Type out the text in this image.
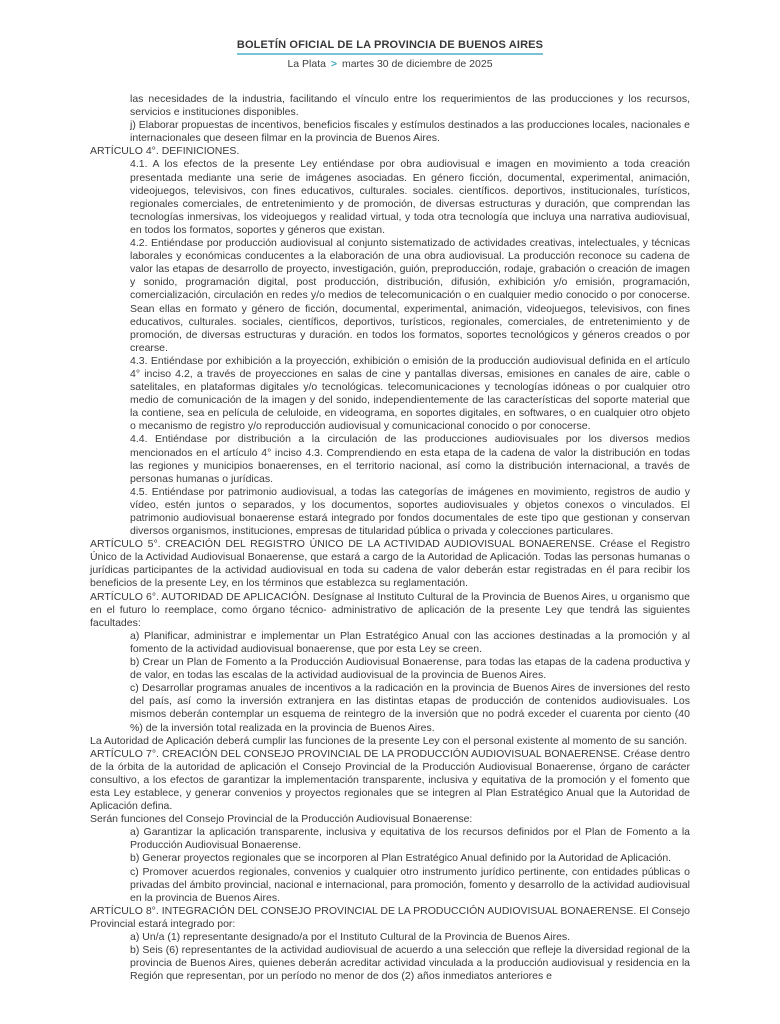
BOLETÍN OFICIAL DE LA PROVINCIA DE BUENOS AIRES
La Plata > martes 30 de diciembre de 2025

las necesidades de la industria, facilitando el vínculo entre los requerimientos de las producciones y los recursos, servicios e instituciones disponibles.

j) Elaborar propuestas de incentivos, beneficios fiscales y estímulos destinados a las producciones locales, nacionales e internacionales que deseen filmar en la provincia de Buenos Aires.

ARTÍCULO 4°. DEFINICIONES.

4.1. A los efectos de la presente Ley entiéndase por obra audiovisual e imagen en movimiento a toda creación presentada mediante una serie de imágenes asociadas. En género ficción, documental, experimental, animación, videojuegos, televisivos, con fines educativos, culturales. sociales. científicos. deportivos, institucionales, turísticos, regionales comerciales, de entretenimiento y de promoción, de diversas estructuras y duración, que comprendan las tecnologías inmersivas, los videojuegos y realidad virtual, y toda otra tecnología que incluya una narrativa audiovisual, en todos los formatos, soportes y géneros que existan.

4.2. Entiéndase por producción audiovisual al conjunto sistematizado de actividades creativas, intelectuales, y técnicas laborales y económicas conducentes a la elaboración de una obra audiovisual. La producción reconoce su cadena de valor las etapas de desarrollo de proyecto, investigación, guión, preproducción, rodaje, grabación o creación de imagen y sonido, programación digital, post producción, distribución, difusión, exhibición y/o emisión, programación, comercialización, circulación en redes y/o medios de telecomunicación o en cualquier medio conocido o por conocerse. Sean ellas en formato y género de ficción, documental, experimental, animación, videojuegos, televisivos, con fines educativos, culturales. sociales, científicos, deportivos, turísticos, regionales, comerciales, de entretenimiento y de promoción, de diversas estructuras y duración. en todos los formatos, soportes tecnológicos y géneros creados o por crearse.

4.3. Entiéndase por exhibición a la proyección, exhibición o emisión de la producción audiovisual definida en el artículo 4° inciso 4.2, a través de proyecciones en salas de cine y pantallas diversas, emisiones en canales de aire, cable o satelitales, en plataformas digitales y/o tecnológicas. telecomunicaciones y tecnologías idóneas o por cualquier otro medio de comunicación de la imagen y del sonido, independientemente de las características del soporte material que la contiene, sea en película de celuloide, en videograma, en soportes digitales, en softwares, o en cualquier otro objeto o mecanismo de registro y/o reproducción audiovisual y comunicacional conocido o por conocerse.

4.4. Entiéndase por distribución a la circulación de las producciones audiovisuales por los diversos medios mencionados en el artículo 4° inciso 4.3. Comprendiendo en esta etapa de la cadena de valor la distribución en todas las regiones y municipios bonaerenses, en el territorio nacional, así como la distribución internacional, a través de personas humanas o jurídicas.

4.5. Entiéndase por patrimonio audiovisual, a todas las categorías de imágenes en movimiento, registros de audio y vídeo, estén juntos o separados, y los documentos, soportes audiovisuales y objetos conexos o vinculados. El patrimonio audiovisual bonaerense estará integrado por fondos documentales de este tipo que gestionan y conservan diversos organismos, instituciones, empresas de titularidad pública o privada y colecciones particulares.

ARTÍCULO 5°. CREACIÓN DEL REGISTRO ÚNICO DE LA ACTIVIDAD AUDIOVISUAL BONAERENSE. Créase el Registro Único de la Actividad Audiovisual Bonaerense, que estará a cargo de la Autoridad de Aplicación. Todas las personas humanas o jurídicas participantes de la actividad audiovisual en toda su cadena de valor deberán estar registradas en él para recibir los beneficios de la presente Ley, en los términos que establezca su reglamentación.

ARTÍCULO 6°. AUTORIDAD DE APLICACIÓN. Desígnase al Instituto Cultural de la Provincia de Buenos Aires, u organismo que en el futuro lo reemplace, como órgano técnico- administrativo de aplicación de la presente Ley que tendrá las siguientes facultades:

a) Planificar, administrar e implementar un Plan Estratégico Anual con las acciones destinadas a la promoción y al fomento de la actividad audiovisual bonaerense, que por esta Ley se creen.

b) Crear un Plan de Fomento a la Producción Audiovisual Bonaerense, para todas las etapas de la cadena productiva y de valor, en todas las escalas de la actividad audiovisual de la provincia de Buenos Aires.

c) Desarrollar programas anuales de incentivos a la radicación en la provincia de Buenos Aires de inversiones del resto del país, así como la inversión extranjera en las distintas etapas de producción de contenidos audiovisuales. Los mismos deberán contemplar un esquema de reintegro de la inversión que no podrá exceder el cuarenta por ciento (40 %) de la inversión total realizada en la provincia de Buenos Aires.

La Autoridad de Aplicación deberá cumplir las funciones de la presente Ley con el personal existente al momento de su sanción.

ARTÍCULO 7°. CREACIÓN DEL CONSEJO PROVINCIAL DE LA PRODUCCIÓN AUDIOVISUAL BONAERENSE. Créase dentro de la órbita de la autoridad de aplicación el Consejo Provincial de la Producción Audiovisual Bonaerense, órgano de carácter consultivo, a los efectos de garantizar la implementación transparente, inclusiva y equitativa de la promoción y el fomento que esta Ley establece, y generar convenios y proyectos regionales que se integren al Plan Estratégico Anual que la Autoridad de Aplicación defina.

Serán funciones del Consejo Provincial de la Producción Audiovisual Bonaerense:

a) Garantizar la aplicación transparente, inclusiva y equitativa de los recursos definidos por el Plan de Fomento a la Producción Audiovisual Bonaerense.

b) Generar proyectos regionales que se incorporen al Plan Estratégico Anual definido por la Autoridad de Aplicación.

c) Promover acuerdos regionales, convenios y cualquier otro instrumento jurídico pertinente, con entidades públicas o privadas del ámbito provincial, nacional e internacional, para promoción, fomento y desarrollo de la actividad audiovisual en la provincia de Buenos Aires.

ARTÍCULO 8°. INTEGRACIÓN DEL CONSEJO PROVINCIAL DE LA PRODUCCIÓN AUDIOVISUAL BONAERENSE. El Consejo Provincial estará integrado por:

a) Un/a (1) representante designado/a por el Instituto Cultural de la Provincia de Buenos Aires.

b) Seis (6) representantes de la actividad audiovisual de acuerdo a una selección que refleje la diversidad regional de la provincia de Buenos Aires, quienes deberán acreditar actividad vinculada a la producción audiovisual y residencia en la Región que representan, por un período no menor de dos (2) años inmediatos anteriores e
